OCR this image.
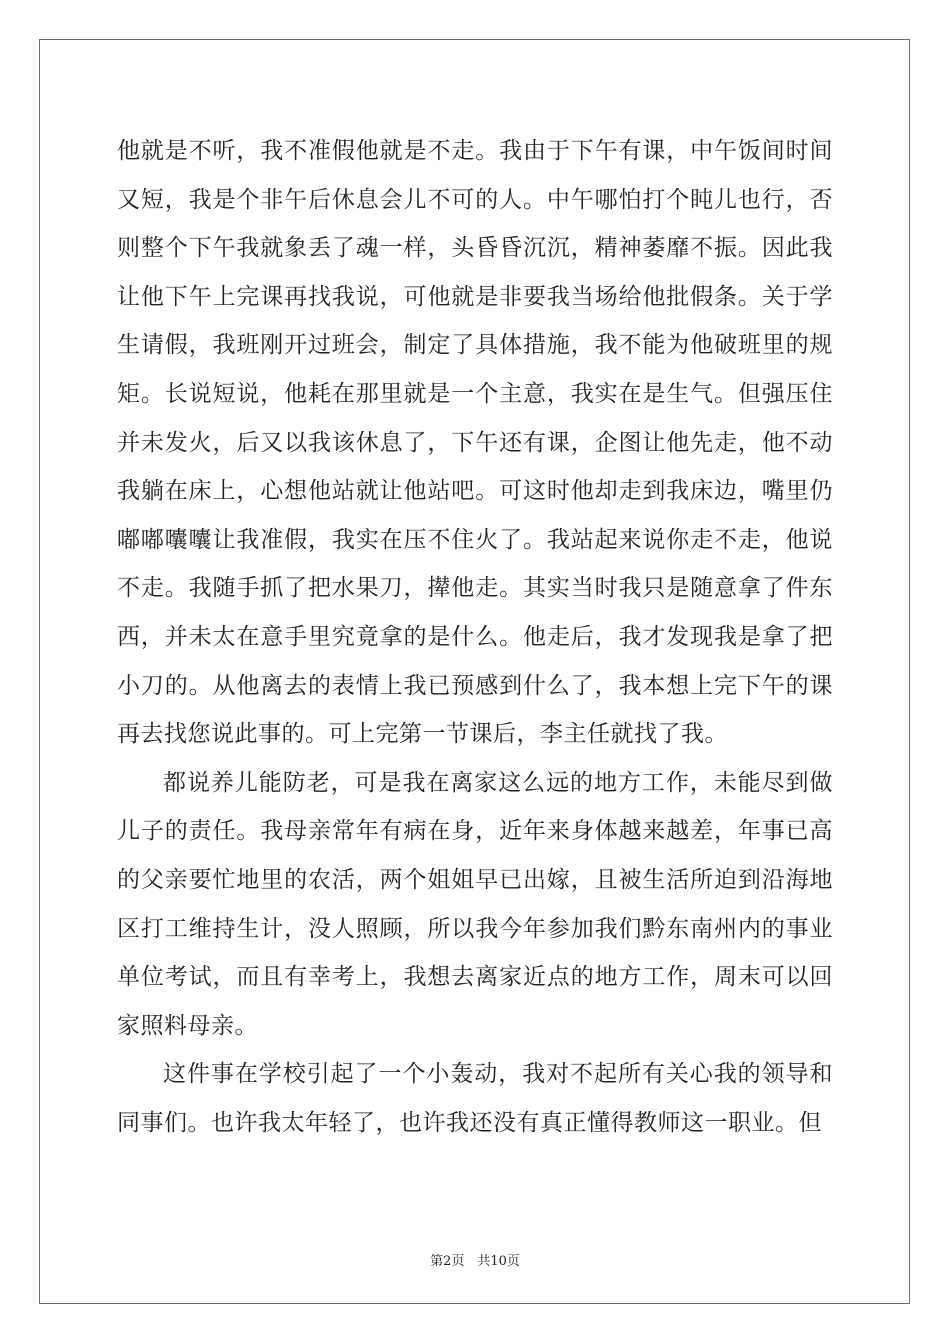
他就是不听，我不准假他就是不走。我由于下午有课，中午饭间时间又短，我是个非午后休息会儿不可的人。中午哪怕打个盹儿也行，否则整个下午我就象丢了魂一样，头昏昏沉沉，精神萎靡不振。因此我让他下午上完课再找我说，可他就是非要我当场给他批假条。关于学生请假，我班刚开过班会，制定了具体措施，我不能为他破班里的规矩。长说短说，他耗在那里就是一个主意，我实在是生气。但强压住并未发火，后又以我该休息了，下午还有课，企图让他先走，他不动我躺在床上，心想他站就让他站吧。可这时他却走到我床边，嘴里仍嘟嘟囔囔让我准假，我实在压不住火了。我站起来说你走不走，他说不走。我随手抓了把水果刀，撵他走。其实当时我只是随意拿了件东西，并未太在意手里究竟拿的是什么。他走后，我才发现我是拿了把小刀的。从他离去的表情上我已预感到什么了，我本想上完下午的课再去找您说此事的。可上完第一节课后，李主任就找了我。

都说养儿能防老，可是我在离家这么远的地方工作，未能尽到做儿子的责任。我母亲常年有病在身，近年来身体越来越差，年事已高的父亲要忙地里的农活，两个姐姐早已出嫁，且被生活所迫到沿海地区打工维持生计，没人照顾，所以我今年参加我们黔东南州内的事业单位考试，而且有幸考上，我想去离家近点的地方工作，周末可以回家照料母亲。

这件事在学校引起了一个小轰动，我对不起所有关心我的领导和同事们。也许我太年轻了，也许我还没有真正懂得教师这一职业。但

第2页　共10页
